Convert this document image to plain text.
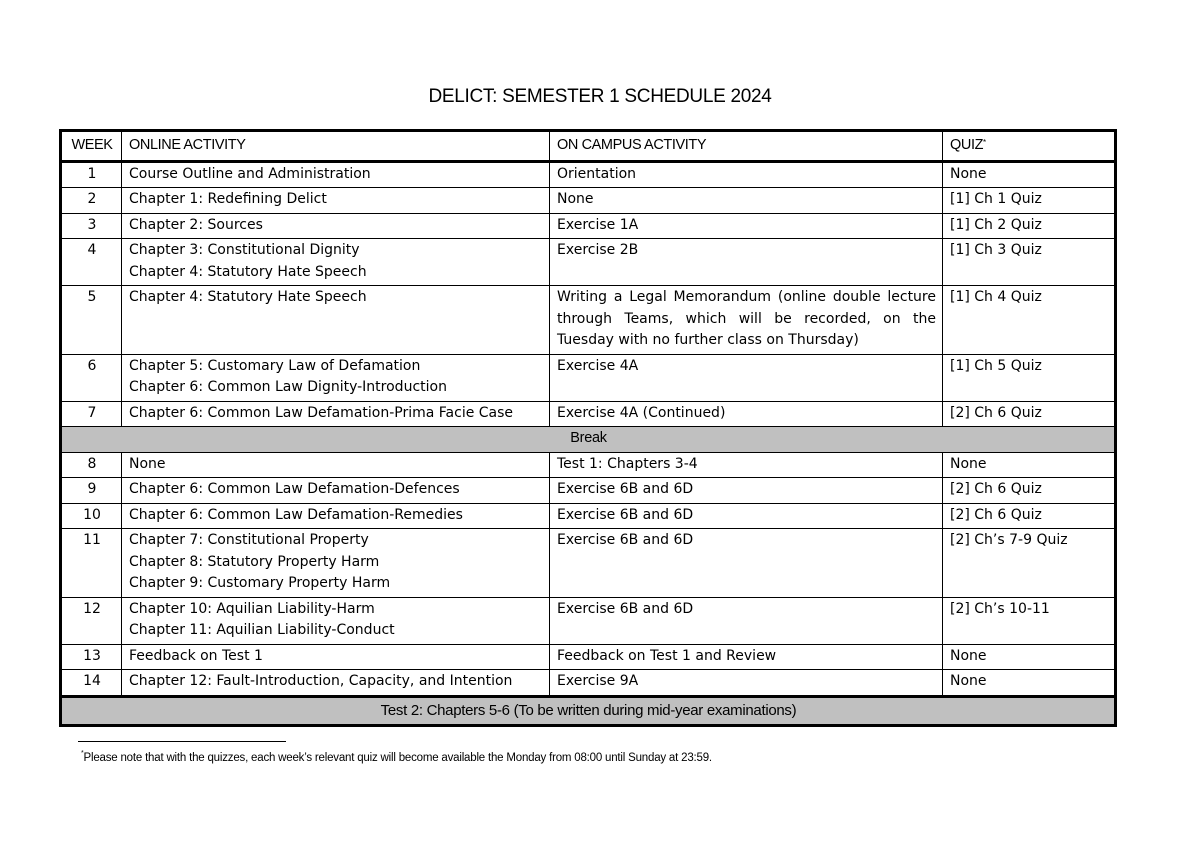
DELICT: SEMESTER 1 SCHEDULE 2024
WEEK	ONLINE ACTIVITY	ON CAMPUS ACTIVITY	QUIZ*
1	Course Outline and Administration	Orientation	None
2	Chapter 1: Redefining Delict	None	[1] Ch 1 Quiz
3	Chapter 2: Sources	Exercise 1A	[1] Ch 2 Quiz
4	Chapter 3: Constitutional Dignity
Chapter 4: Statutory Hate Speech	Exercise 2B	[1] Ch 3 Quiz
5	Chapter 4: Statutory Hate Speech	Writing a Legal Memorandum (online double lecture through Teams, which will be recorded, on the Tuesday with no further class on Thursday)	[1] Ch 4 Quiz
6	Chapter 5: Customary Law of Defamation
Chapter 6: Common Law Dignity-Introduction	Exercise 4A	[1] Ch 5 Quiz
7	Chapter 6: Common Law Defamation-Prima Facie Case	Exercise 4A (Continued)	[2] Ch 6 Quiz
Break			
8	None	Test 1: Chapters 3-4	None
9	Chapter 6: Common Law Defamation-Defences	Exercise 6B and 6D	[2] Ch 6 Quiz
10	Chapter 6: Common Law Defamation-Remedies	Exercise 6B and 6D	[2] Ch 6 Quiz
11	Chapter 7: Constitutional Property
Chapter 8: Statutory Property Harm
Chapter 9: Customary Property Harm	Exercise 6B and 6D	[2] Ch’s 7-9 Quiz
12	Chapter 10: Aquilian Liability-Harm
Chapter 11: Aquilian Liability-Conduct	Exercise 6B and 6D	[2] Ch’s 10-11
13	Feedback on Test 1	Feedback on Test 1 and Review	None
14	Chapter 12: Fault-Introduction, Capacity, and Intention	Exercise 9A	None
Test 2: Chapters 5-6 (To be written during mid-year examinations)			
*Please note that with the quizzes, each week’s relevant quiz will become available the Monday from 08:00 until Sunday at 23:59.
